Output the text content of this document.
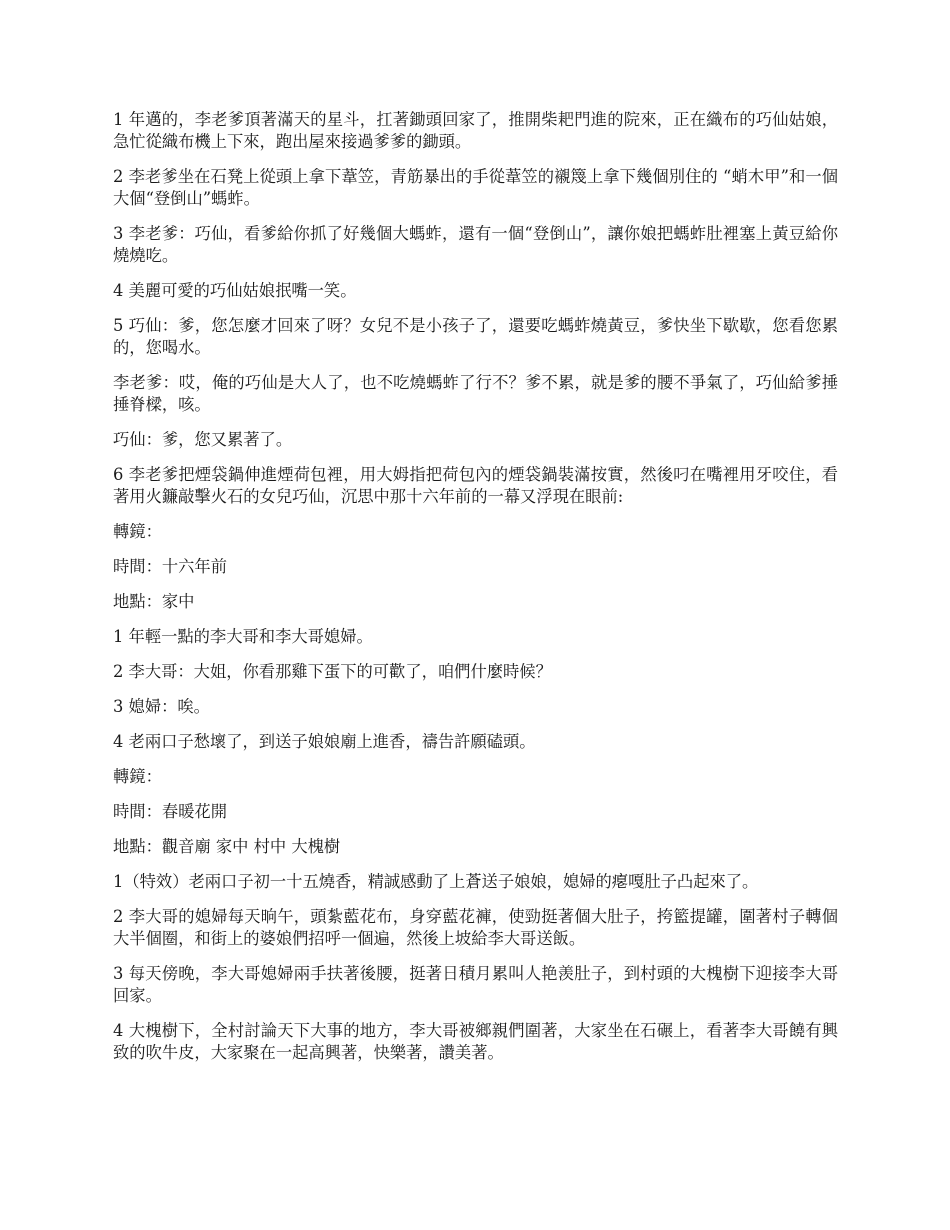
1 年邁的，李老爹頂著滿天的星斗，扛著鋤頭回家了，推開柴耙門進的院來，正在織布的巧仙姑娘，急忙從織布機上下來，跑出屋來接過爹爹的鋤頭。

2 李老爹坐在石凳上從頭上拿下葦笠，青筋暴出的手從葦笠的襯篾上拿下幾個別住的 “蛸木甲”和一個大個“登倒山”螞蚱。

3 李老爹：巧仙，看爹給你抓了好幾個大螞蚱，還有一個“登倒山”，讓你娘把螞蚱肚裡塞上黃豆給你燒燒吃。

4 美麗可愛的巧仙姑娘抿嘴一笑。

5 巧仙：爹，您怎麼才回來了呀？女兒不是小孩子了，還要吃螞蚱燒黃豆，爹快坐下歇歇，您看您累的，您喝水。

李老爹：哎，俺的巧仙是大人了，也不吃燒螞蚱了行不？爹不累，就是爹的腰不爭氣了，巧仙給爹捶捶脊樑，咳。

巧仙：爹，您又累著了。

6 李老爹把煙袋鍋伸進煙荷包裡，用大姆指把荷包內的煙袋鍋裝滿按實，然後叼在嘴裡用牙咬住，看著用火鐮敲擊火石的女兒巧仙，沉思中那十六年前的一幕又浮現在眼前:

轉鏡：

時間：十六年前

地點：家中

1 年輕一點的李大哥和李大哥媳婦。

2 李大哥：大姐，你看那雞下蛋下的可歡了，咱們什麼時候？

3 媳婦：唉。

4 老兩口子愁壞了，到送子娘娘廟上進香，禱告許願磕頭。

轉鏡：

時間：春暖花開

地點：觀音廟 家中 村中 大槐樹

1（特效）老兩口子初一十五燒香，精誠感動了上蒼送子娘娘，媳婦的瘪嘎肚子凸起來了。

2 李大哥的媳婦每天晌午，頭紮藍花布，身穿藍花褲，使勁挺著個大肚子，挎籃提罐，圍著村子轉個大半個圈，和街上的婆娘們招呼一個遍，然後上坡給李大哥送飯。

3 每天傍晚，李大哥媳婦兩手扶著後腰，挺著日積月累叫人艳羡肚子，到村頭的大槐樹下迎接李大哥回家。

4 大槐樹下，全村討論天下大事的地方，李大哥被鄉親們圍著，大家坐在石碾上，看著李大哥饒有興致的吹牛皮，大家聚在一起高興著，快樂著，讚美著。
